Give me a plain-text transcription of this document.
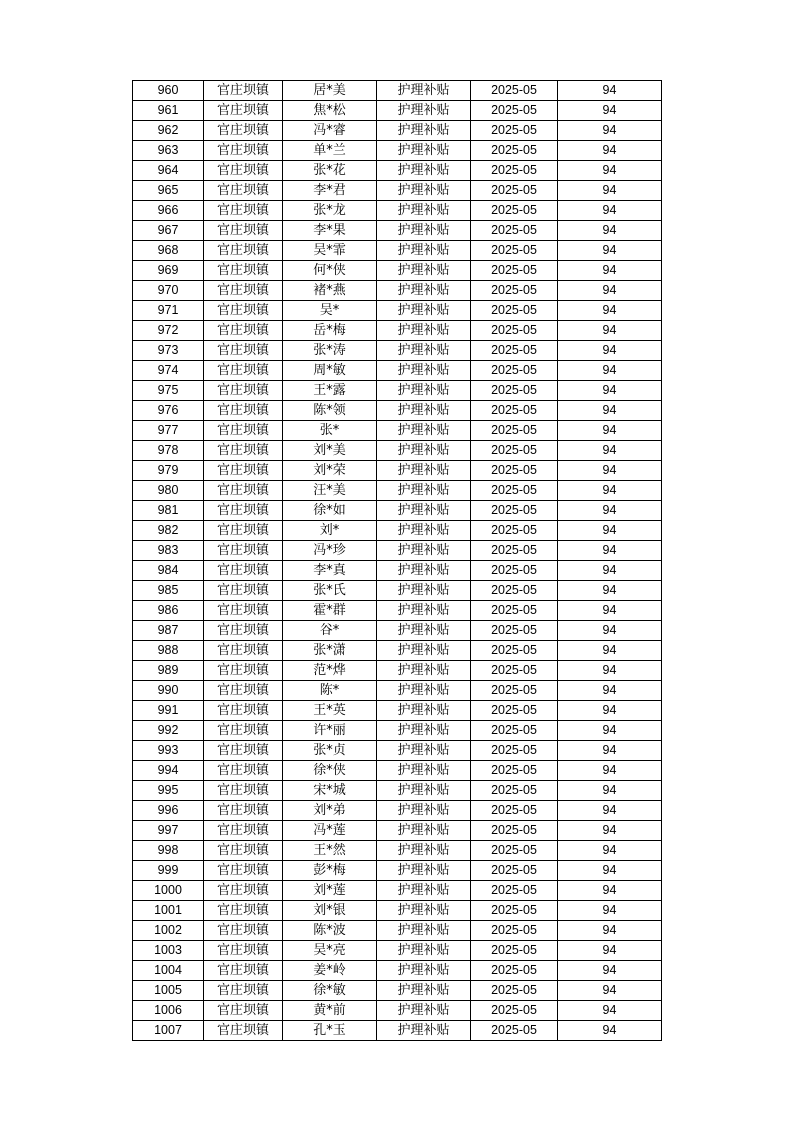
960	官庄坝镇	居*美	护理补贴	2025-05	94
961	官庄坝镇	焦*松	护理补贴	2025-05	94
962	官庄坝镇	冯*睿	护理补贴	2025-05	94
963	官庄坝镇	单*兰	护理补贴	2025-05	94
964	官庄坝镇	张*花	护理补贴	2025-05	94
965	官庄坝镇	李*君	护理补贴	2025-05	94
966	官庄坝镇	张*龙	护理补贴	2025-05	94
967	官庄坝镇	李*果	护理补贴	2025-05	94
968	官庄坝镇	吴*霏	护理补贴	2025-05	94
969	官庄坝镇	何*侠	护理补贴	2025-05	94
970	官庄坝镇	褚*燕	护理补贴	2025-05	94
971	官庄坝镇	吴*	护理补贴	2025-05	94
972	官庄坝镇	岳*梅	护理补贴	2025-05	94
973	官庄坝镇	张*涛	护理补贴	2025-05	94
974	官庄坝镇	周*敏	护理补贴	2025-05	94
975	官庄坝镇	王*露	护理补贴	2025-05	94
976	官庄坝镇	陈*领	护理补贴	2025-05	94
977	官庄坝镇	张*	护理补贴	2025-05	94
978	官庄坝镇	刘*美	护理补贴	2025-05	94
979	官庄坝镇	刘*荣	护理补贴	2025-05	94
980	官庄坝镇	汪*美	护理补贴	2025-05	94
981	官庄坝镇	徐*如	护理补贴	2025-05	94
982	官庄坝镇	刘*	护理补贴	2025-05	94
983	官庄坝镇	冯*珍	护理补贴	2025-05	94
984	官庄坝镇	李*真	护理补贴	2025-05	94
985	官庄坝镇	张*氏	护理补贴	2025-05	94
986	官庄坝镇	霍*群	护理补贴	2025-05	94
987	官庄坝镇	谷*	护理补贴	2025-05	94
988	官庄坝镇	张*潇	护理补贴	2025-05	94
989	官庄坝镇	范*烨	护理补贴	2025-05	94
990	官庄坝镇	陈*	护理补贴	2025-05	94
991	官庄坝镇	王*英	护理补贴	2025-05	94
992	官庄坝镇	许*丽	护理补贴	2025-05	94
993	官庄坝镇	张*贞	护理补贴	2025-05	94
994	官庄坝镇	徐*侠	护理补贴	2025-05	94
995	官庄坝镇	宋*城	护理补贴	2025-05	94
996	官庄坝镇	刘*弟	护理补贴	2025-05	94
997	官庄坝镇	冯*莲	护理补贴	2025-05	94
998	官庄坝镇	王*然	护理补贴	2025-05	94
999	官庄坝镇	彭*梅	护理补贴	2025-05	94
1000	官庄坝镇	刘*莲	护理补贴	2025-05	94
1001	官庄坝镇	刘*银	护理补贴	2025-05	94
1002	官庄坝镇	陈*波	护理补贴	2025-05	94
1003	官庄坝镇	吴*亮	护理补贴	2025-05	94
1004	官庄坝镇	姜*岭	护理补贴	2025-05	94
1005	官庄坝镇	徐*敏	护理补贴	2025-05	94
1006	官庄坝镇	黄*前	护理补贴	2025-05	94
1007	官庄坝镇	孔*玉	护理补贴	2025-05	94
